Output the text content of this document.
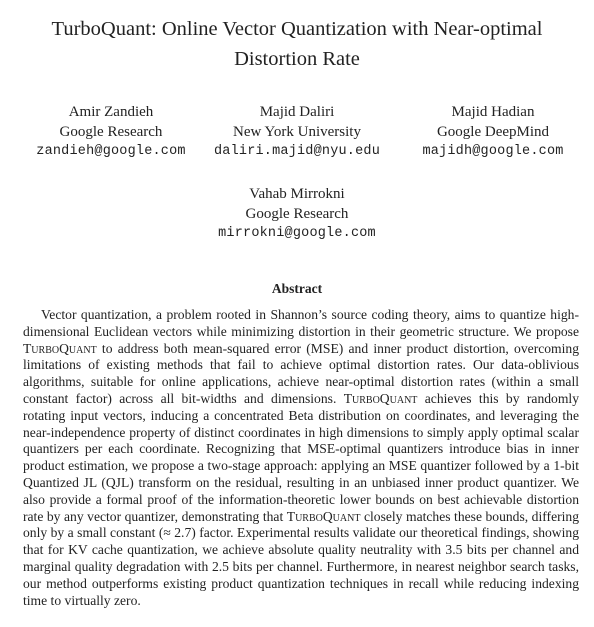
TurboQuant: Online Vector Quantization with Near-optimal
Distortion Rate
Amir Zandieh
Google Research
zandieh@google.com
Majid Daliri
New York University
daliri.majid@nyu.edu
Majid Hadian
Google DeepMind
majidh@google.com
Vahab Mirrokni
Google Research
mirrokni@google.com
Abstract

Vector quantization, a problem rooted in Shannon’s source coding theory, aims to quantize high-dimensional Euclidean vectors while minimizing distortion in their geometric structure. We propose TurboQuant to address both mean-squared error (MSE) and inner product distortion, overcoming limitations of existing methods that fail to achieve optimal distortion rates. Our data-oblivious algorithms, suitable for online applications, achieve near-optimal distortion rates (within a small constant factor) across all bit-widths and dimensions. TurboQuant achieves this by randomly rotating input vectors, inducing a concentrated Beta distribution on coordinates, and leveraging the near-independence property of distinct coordinates in high dimensions to simply apply optimal scalar quantizers per each coordinate. Recognizing that MSE-optimal quantizers introduce bias in inner product estimation, we propose a two-stage approach: applying an MSE quantizer followed by a 1-bit Quantized JL (QJL) transform on the residual, resulting in an unbiased inner product quantizer. We also provide a formal proof of the information-theoretic lower bounds on best achievable distortion rate by any vector quantizer, demonstrating that TurboQuant closely matches these bounds, differing only by a small constant (≈ 2.7) factor. Experimental results validate our theoretical findings, showing that for KV cache quantization, we achieve absolute quality neutrality with 3.5 bits per channel and marginal quality degradation with 2.5 bits per channel. Furthermore, in nearest neighbor search tasks, our method outperforms existing product quantization techniques in recall while reducing indexing time to virtually zero.
